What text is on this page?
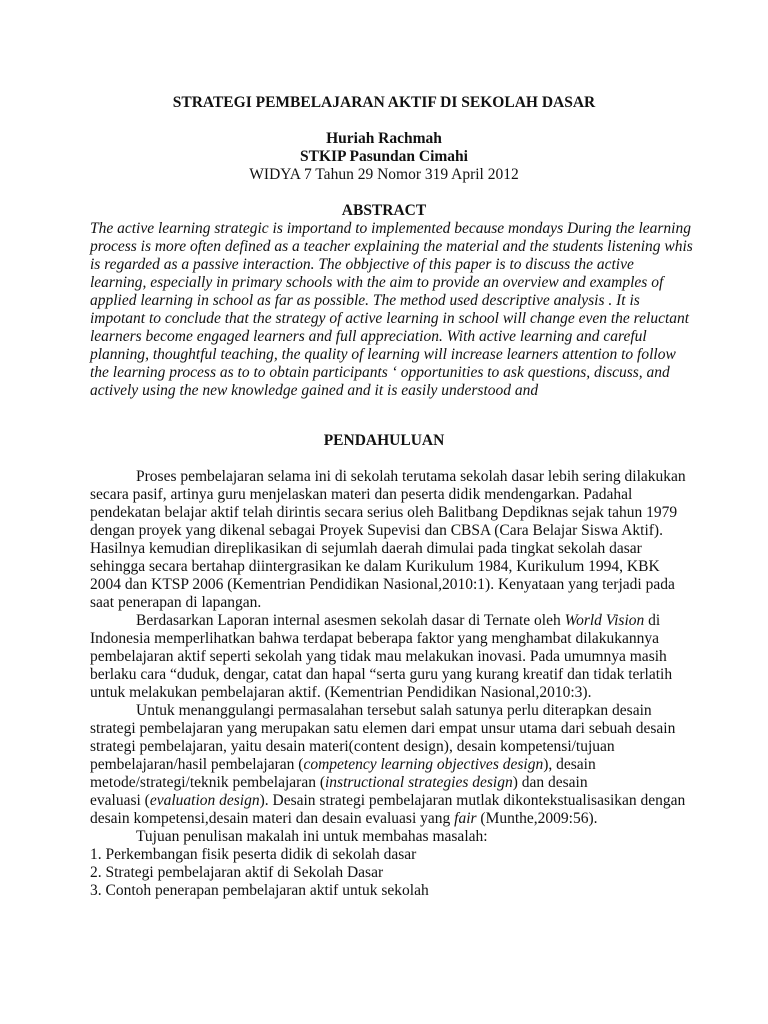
STRATEGI PEMBELAJARAN AKTIF DI SEKOLAH DASAR
Huriah Rachmah
STKIP Pasundan Cimahi
WIDYA 7 Tahun 29 Nomor 319 April 2012
ABSTRACT
The active learning strategic is importand to implemented because mondays During the learning
process is more often defined as a teacher explaining the material and the students listening whis
is regarded as a passive interaction. The obbjective of this paper is to discuss the active
learning, especially in primary schools with the aim to provide an overview and examples of
applied learning in school as far as possible. The method used descriptive analysis . It is
impotant to conclude that the strategy of active learning in school will change even the reluctant
learners become engaged learners and full appreciation. With active learning and careful
planning, thoughtful teaching, the quality of learning will increase learners attention to follow
the learning process as to to obtain participants ‘ opportunities to ask questions, discuss, and
actively using the new knowledge gained and it is easily understood and
PENDAHULUAN
Proses pembelajaran selama ini di sekolah terutama sekolah dasar lebih sering dilakukan
secara pasif, artinya guru menjelaskan materi dan peserta didik mendengarkan. Padahal
pendekatan belajar aktif telah dirintis secara serius oleh Balitbang Depdiknas sejak tahun 1979
dengan proyek yang dikenal sebagai Proyek Supevisi dan CBSA (Cara Belajar Siswa Aktif).
Hasilnya kemudian direplikasikan di sejumlah daerah dimulai pada tingkat sekolah dasar
sehingga secara bertahap diintergrasikan ke dalam Kurikulum 1984, Kurikulum 1994, KBK
2004 dan KTSP 2006 (Kementrian Pendidikan Nasional,2010:1). Kenyataan yang terjadi pada
saat penerapan di lapangan.
Berdasarkan Laporan internal asesmen sekolah dasar di Ternate oleh World Vision di
Indonesia memperlihatkan bahwa terdapat beberapa faktor yang menghambat dilakukannya
pembelajaran aktif seperti sekolah yang tidak mau melakukan inovasi. Pada umumnya masih
berlaku cara “duduk, dengar, catat dan hapal “serta guru yang kurang kreatif dan tidak terlatih
untuk melakukan pembelajaran aktif. (Kementrian Pendidikan Nasional,2010:3).
Untuk menanggulangi permasalahan tersebut salah satunya perlu diterapkan desain
strategi pembelajaran yang merupakan satu elemen dari empat unsur utama dari sebuah desain
strategi pembelajaran, yaitu desain materi(content design), desain kompetensi/tujuan
pembelajaran/hasil pembelajaran (competency learning objectives design), desain
metode/strategi/teknik pembelajaran (instructional strategies design) dan desain
evaluasi (evaluation design). Desain strategi pembelajaran mutlak dikontekstualisasikan dengan
desain kompetensi,desain materi dan desain evaluasi yang fair (Munthe,2009:56).
Tujuan penulisan makalah ini untuk membahas masalah:
1. Perkembangan fisik peserta didik di sekolah dasar
2. Strategi pembelajaran aktif di Sekolah Dasar
3. Contoh penerapan pembelajaran aktif untuk sekolah
